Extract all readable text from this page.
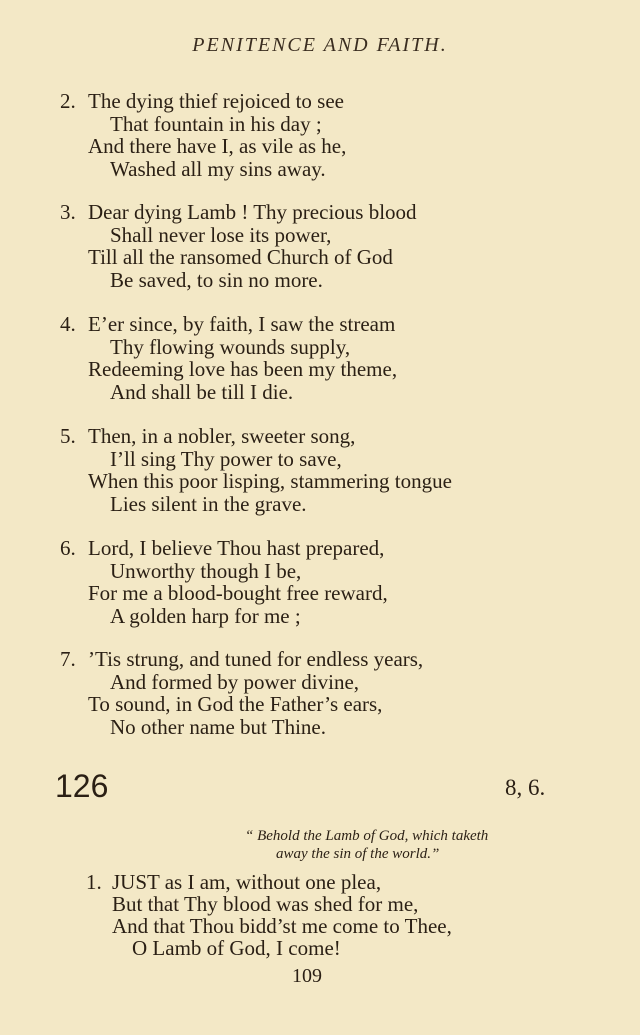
PENITENCE AND FAITH.
2. The dying thief rejoiced to see
That fountain in his day ;
And there have I, as vile as he,
Washed all my sins away.
3. Dear dying Lamb ! Thy precious blood
Shall never lose its power,
Till all the ransomed Church of God
Be saved, to sin no more.
4. E’er since, by faith, I saw the stream
Thy flowing wounds supply,
Redeeming love has been my theme,
And shall be till I die.
5. Then, in a nobler, sweeter song,
I’ll sing Thy power to save,
When this poor lisping, stammering tongue
Lies silent in the grave.
6. Lord, I believe Thou hast prepared,
Unworthy though I be,
For me a blood-bought free reward,
A golden harp for me ;
7. ’Tis strung, and tuned for endless years,
And formed by power divine,
To sound, in God the Father’s ears,
No other name but Thine.
126	8, 6.
“ Behold the Lamb of God, which taketh
away the sin of the world.”
1. JUST as I am, without one plea,
But that Thy blood was shed for me,
And that Thou bidd’st me come to Thee,
O Lamb of God, I come!
109
